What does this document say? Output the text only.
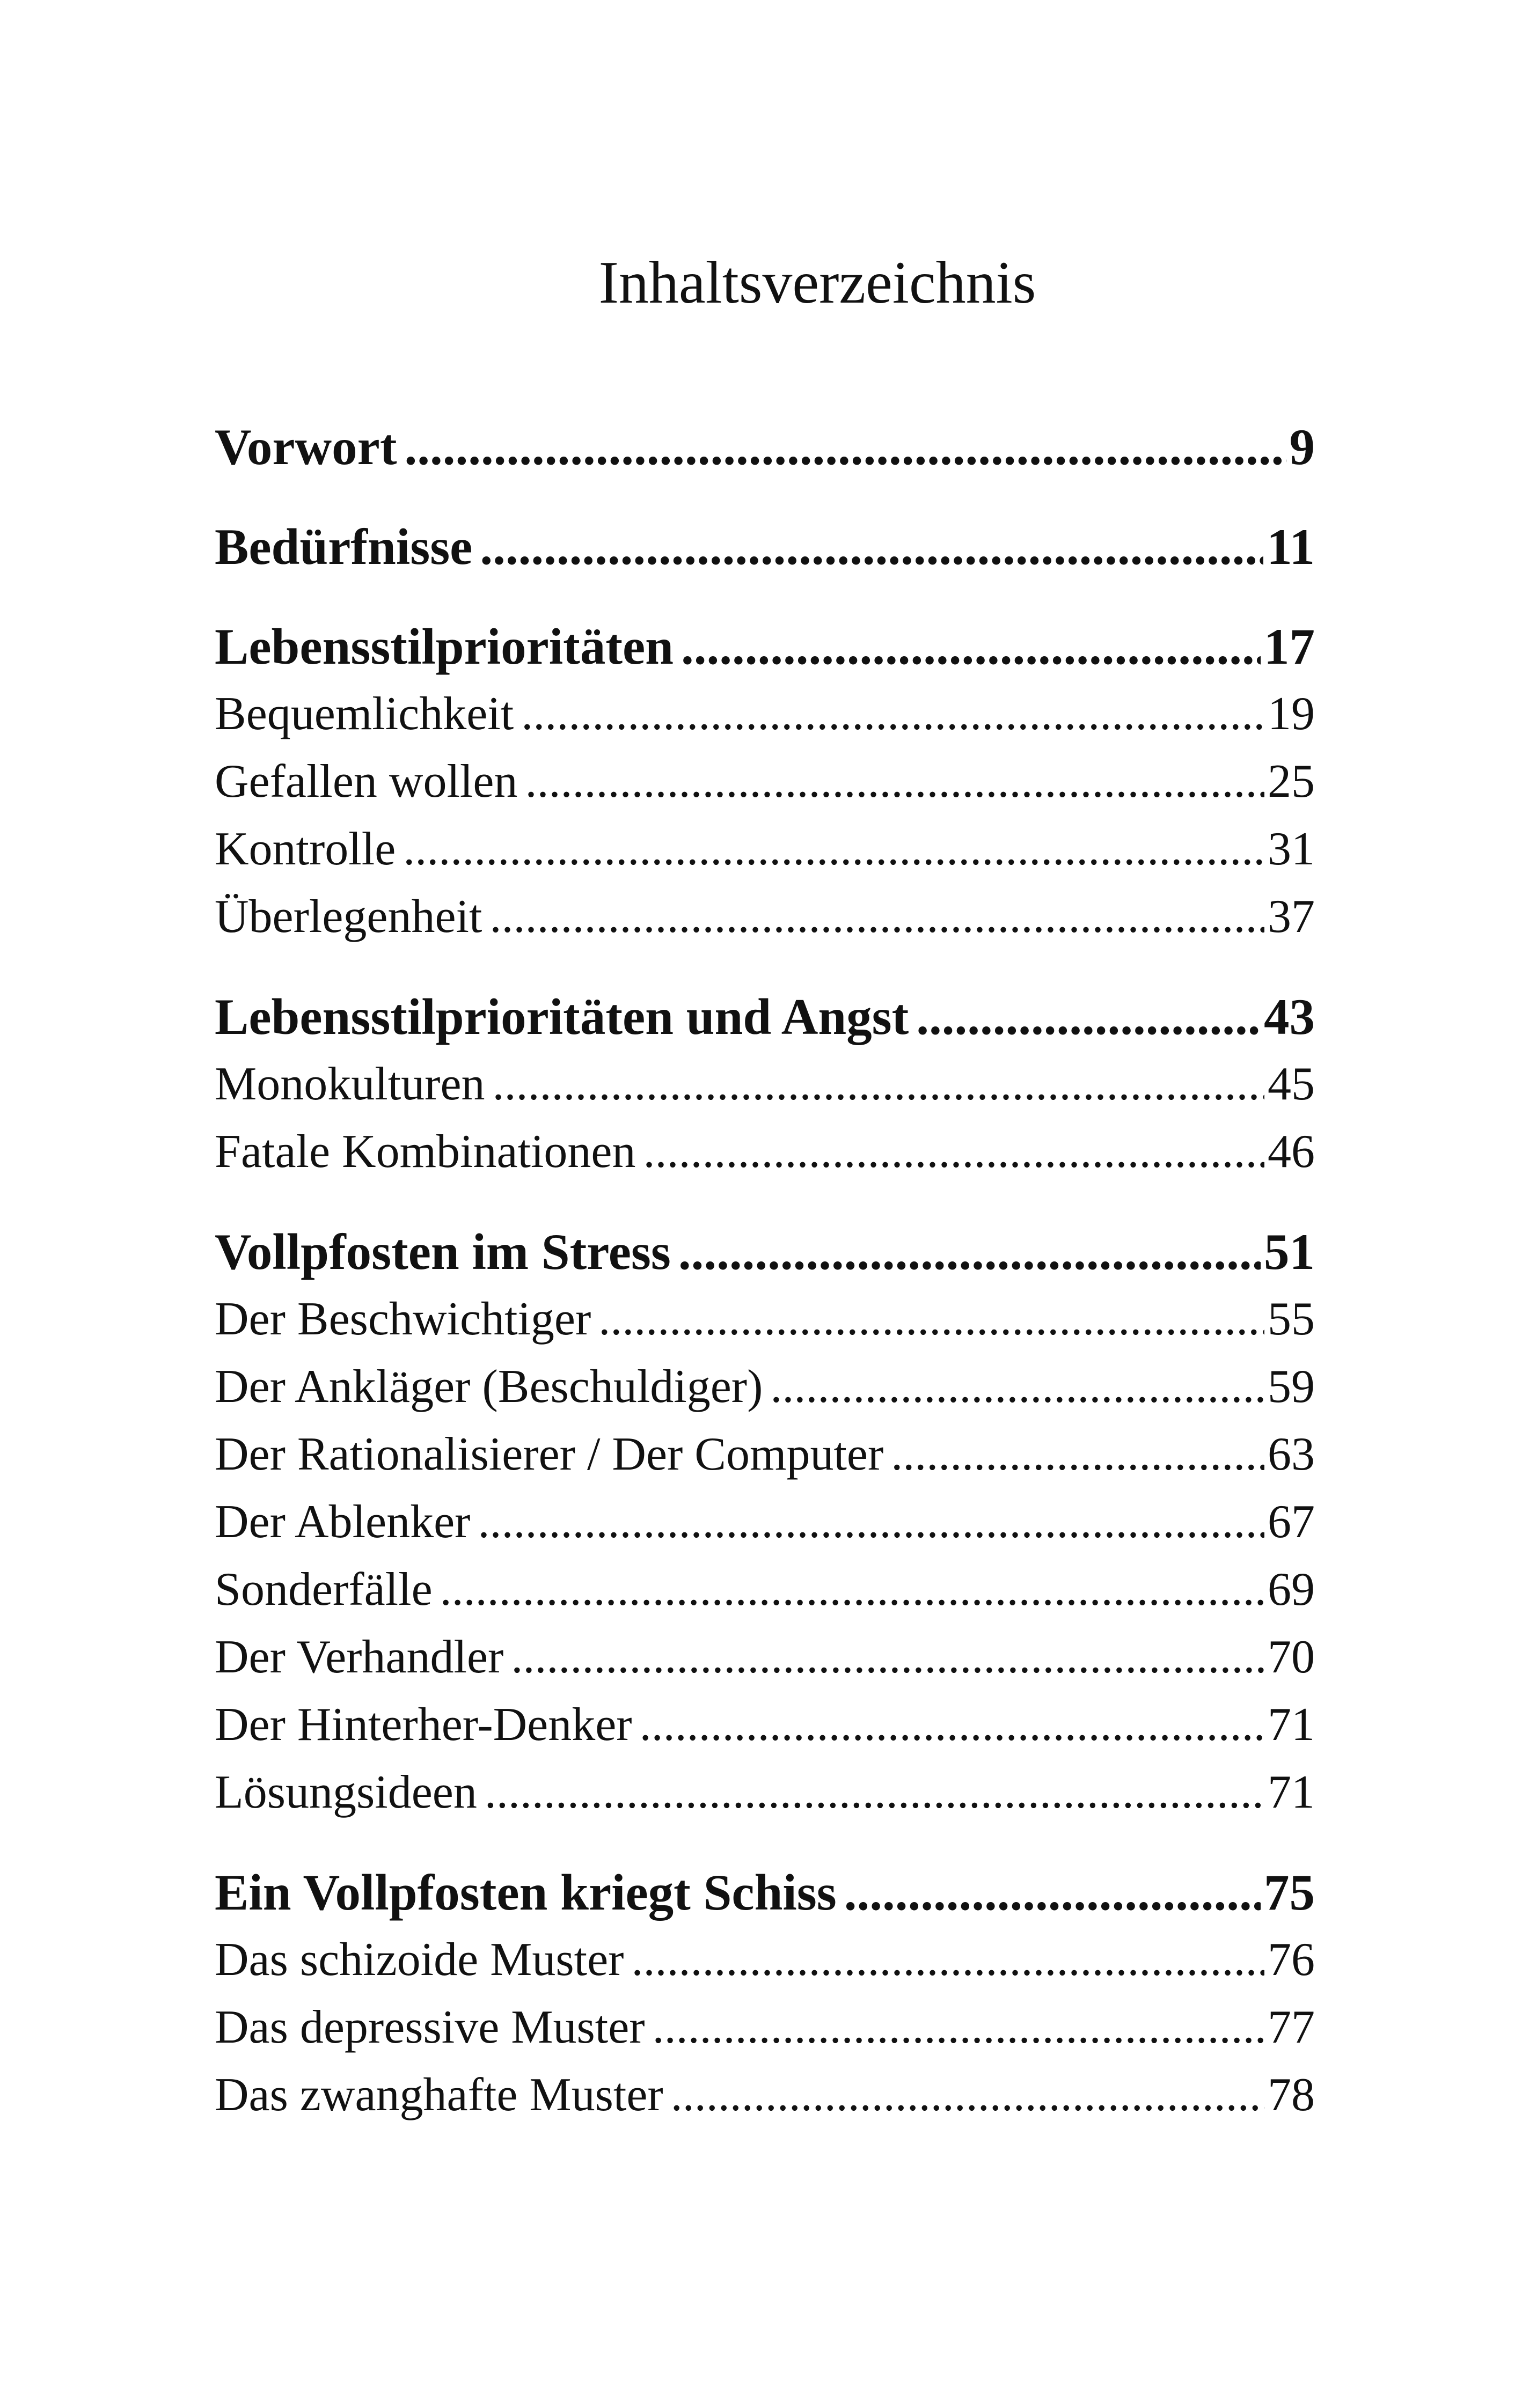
Inhaltsverzeichnis
Vorwort .....	9
Bedürfnisse .....	11
Lebensstilprioritäten .....	17
Bequemlichkeit .....	19
Gefallen wollen .....	25
Kontrolle .....	31
Überlegenheit .....	37
Lebensstilprioritäten und Angst .....	43
Monokulturen .....	45
Fatale Kombinationen .....	46
Vollpfosten im Stress .....	51
Der Beschwichtiger .....	55
Der Ankläger (Beschuldiger) .....	59
Der Rationalisierer / Der Computer .....	63
Der Ablenker .....	67
Sonderfälle .....	69
Der Verhandler .....	70
Der Hinterher-Denker .....	71
Lösungsideen .....	71
Ein Vollpfosten kriegt Schiss .....	75
Das schizoide Muster .....	76
Das depressive Muster .....	77
Das zwanghafte Muster .....	78
